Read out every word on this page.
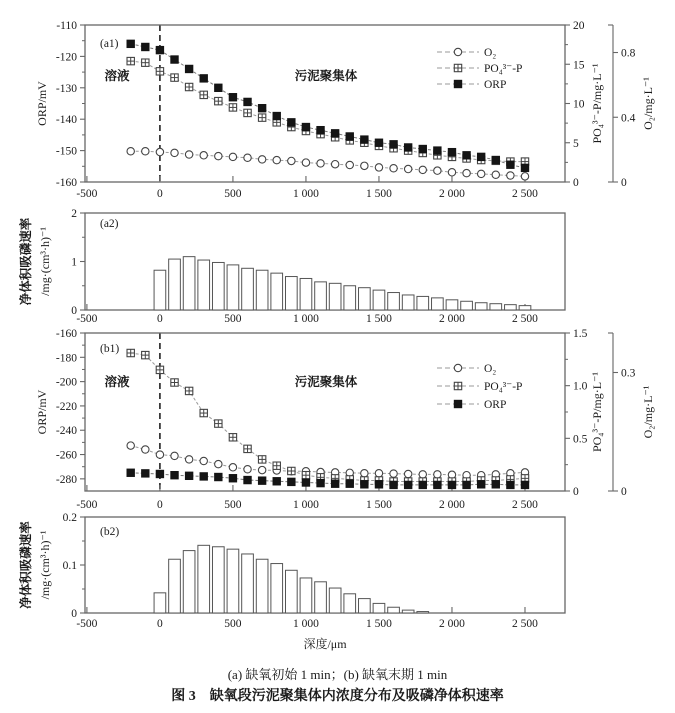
-110
-120
-130
-140
-150
-160
-500	0	500	1 000	1 500	2 000	2 500
0
5
10
15
20
PO₄³⁻-P/mg·L⁻¹
0
0.4
0.8
O₂/mg·L⁻¹
ORP/mV
(a1)
溶液	污泥聚集体
O₂
PO₄³⁻-P
ORP
0
1
2
-500	0	500	1 000	1 500	2 000	2 500
(a2)
净体积吸磷速率 /mg·(cm³·h)⁻¹
-160
-180
-200
-220
-240
-260
-280
-500	0	500	1 000	1 500	2 000	2 500
0
0.5
1.0
1.5
PO₄³⁻-P/mg·L⁻¹
0
0.3
O₂/mg·L⁻¹
ORP/mV
(b1)
溶液	污泥聚集体
O₂
PO₄³⁻-P
ORP
0
0.1
0.2
-500	0	500	1 000	1 500	2 000	2 500
(b2)
净体积吸磷速率 /mg·(cm³·h)⁻¹
深度/μm
(a) 缺氧初始 1 min；(b) 缺氧末期 1 min
图 3　缺氧段污泥聚集体内浓度分布及吸磷净体积速率
